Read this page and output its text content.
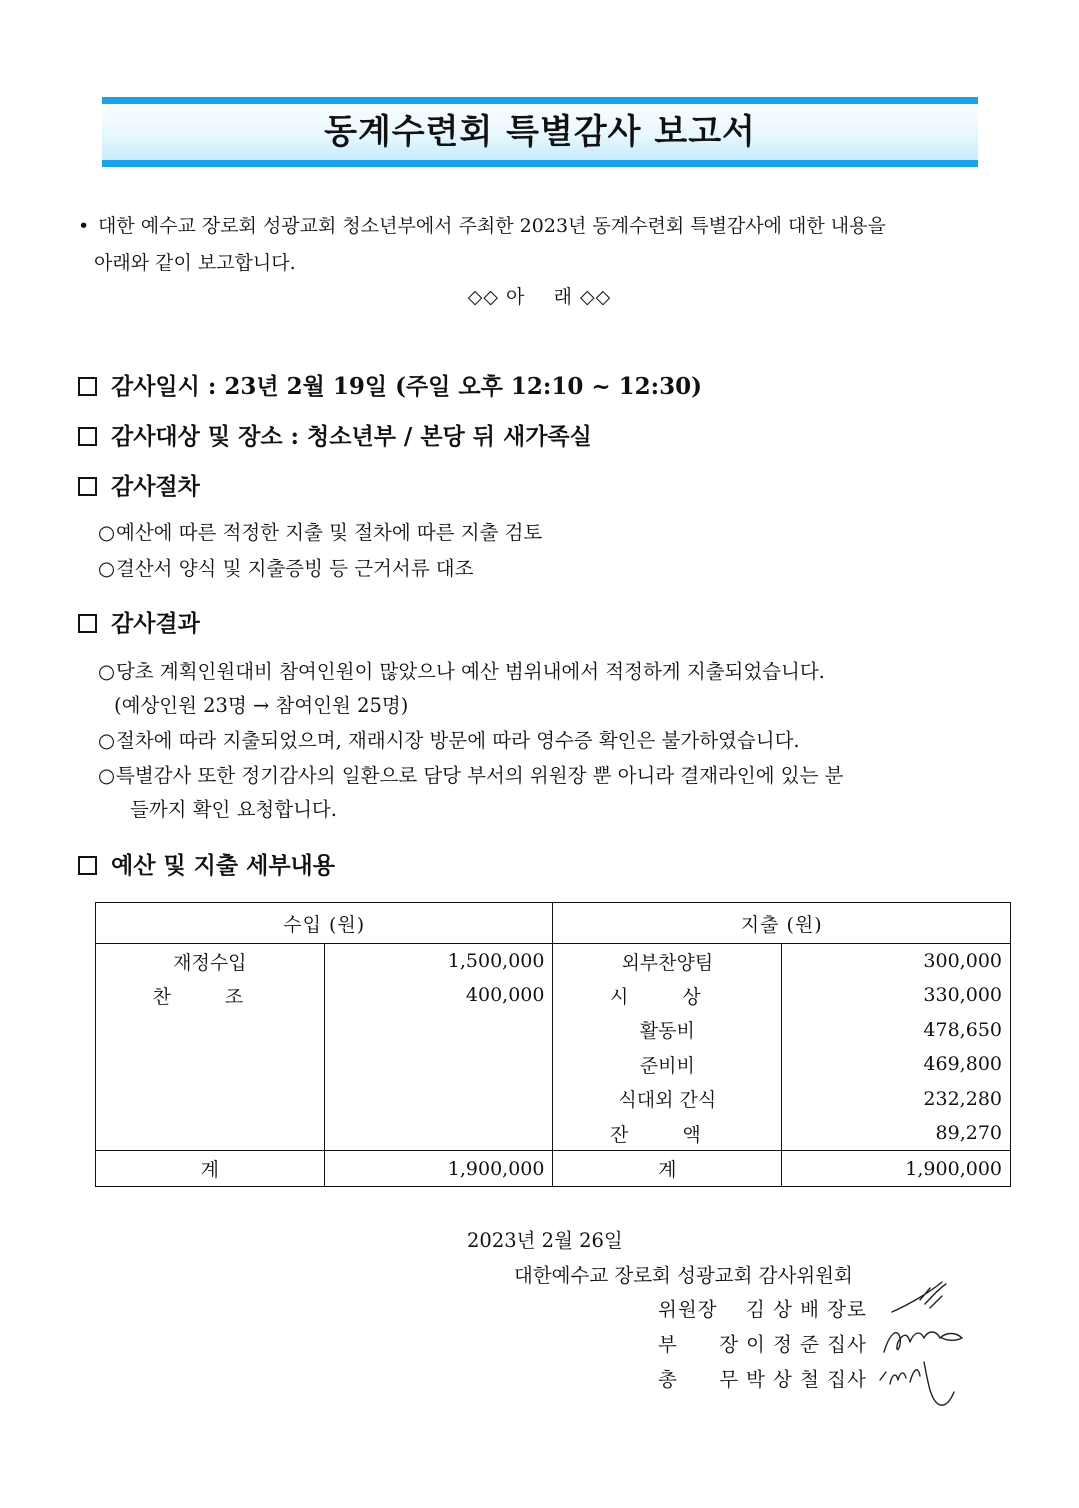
동계수련회 특별감사 보고서
• 대한 예수교 장로회 성광교회 청소년부에서 주최한 2023년 동계수련회 특별감사에 대한 내용을
아래와 같이 보고합니다.
◇◇ 아    래 ◇◇
감사일시 : 23년 2월 19일 (주일 오후 12:10 ~ 12:30)
감사대상 및 장소 : 청소년부 / 본당 뒤 새가족실
감사절차
○예산에 따른 적정한 지출 및 절차에 따른 지출 검토
○결산서 양식 및 지출증빙 등 근거서류 대조
감사결과
○당초 계획인원대비 참여인원이 많았으나 예산 범위내에서 적정하게 지출되었습니다.
(예상인원 23명 → 참여인원 25명)
○절차에 따라 지출되었으며, 재래시장 방문에 따라 영수증 확인은 불가하였습니다.
○특별감사 또한 정기감사의 일환으로 담당 부서의 위원장 뿐 아니라 결재라인에 있는 분
들까지 확인 요청합니다.
예산 및 지출 세부내용
수입 (원)		지출 (원)	
재정수입	1,500,000	외부찬양팀	300,000
찬 조	400,000	시 상	330,000
		활동비	478,650
		준비비	469,800
		식대외 간식	232,280
		잔 액	89,270
계	1,900,000	계	1,900,000
2023년 2월 26일
대한예수교 장로회 성광교회 감사위원회
위원장 김 상 배 장로
부  장이 정 준 집사
총  무박 상 철 집사
